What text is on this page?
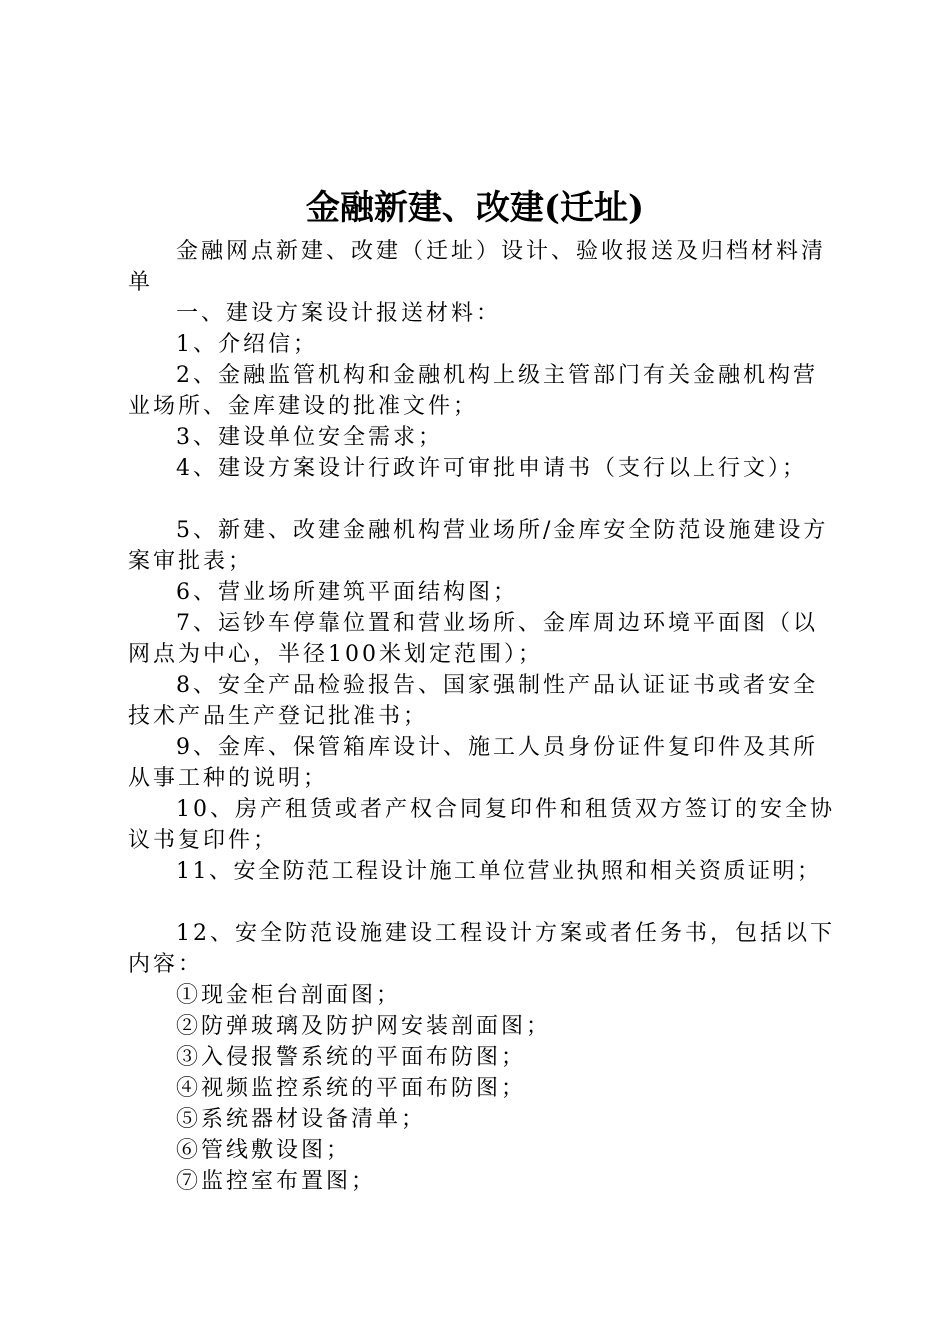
金融新建、改建(迁址)

金融网点新建、改建（迁址）设计、验收报送及归档材料清单

一、建设方案设计报送材料：

1、介绍信；

2、金融监管机构和金融机构上级主管部门有关金融机构营业场所、金库建设的批准文件；

3、建设单位安全需求；

4、建设方案设计行政许可审批申请书（支行以上行文）；

5、新建、改建金融机构营业场所/金库安全防范设施建设方案审批表；

6、营业场所建筑平面结构图；

7、运钞车停靠位置和营业场所、金库周边环境平面图（以网点为中心，半径100米划定范围）；

8、安全产品检验报告、国家强制性产品认证证书或者安全技术产品生产登记批准书；

9、金库、保管箱库设计、施工人员身份证件复印件及其所从事工种的说明；

10、房产租赁或者产权合同复印件和租赁双方签订的安全协议书复印件；

11、安全防范工程设计施工单位营业执照和相关资质证明；

12、安全防范设施建设工程设计方案或者任务书，包括以下内容：

①现金柜台剖面图；

②防弹玻璃及防护网安装剖面图；

③入侵报警系统的平面布防图；

④视频监控系统的平面布防图；

⑤系统器材设备清单；

⑥管线敷设图；

⑦监控室布置图；
